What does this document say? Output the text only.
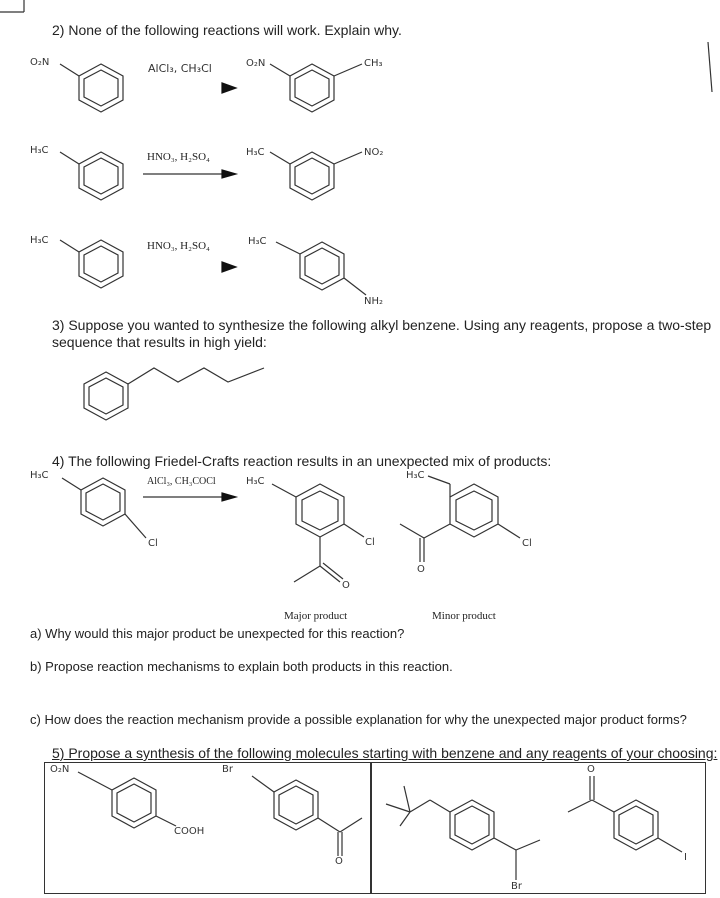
2) None of the following reactions will work. Explain why.
O₂N	AlCl₃, CH₃Cl	O₂N	CH₃
H₃C
HNO₃, H₂SO₄	H₃C	NO₂
H₃C	HNO₃, H₂SO₄	H₃C
NH₂
3) Suppose you wanted to synthesize the following alkyl benzene. Using any reagents, propose a two-step sequence that results in high yield:
4) The following Friedel-Crafts reaction results in an unexpected mix of products:
H₃C
Cl
AlCl₃, CH₃COCl	H₃C
Cl
O
H₃C
Cl
O
Major product	Minor product
a) Why would this major product be unexpected for this reaction?
b) Propose reaction mechanisms to explain both products in this reaction.
c) How does the reaction mechanism provide a possible explanation for why the unexpected major product forms?
5) Propose a synthesis of the following molecules starting with benzene and any reagents of your choosing:
O₂N
COOH
Br
O
Br
O
I
